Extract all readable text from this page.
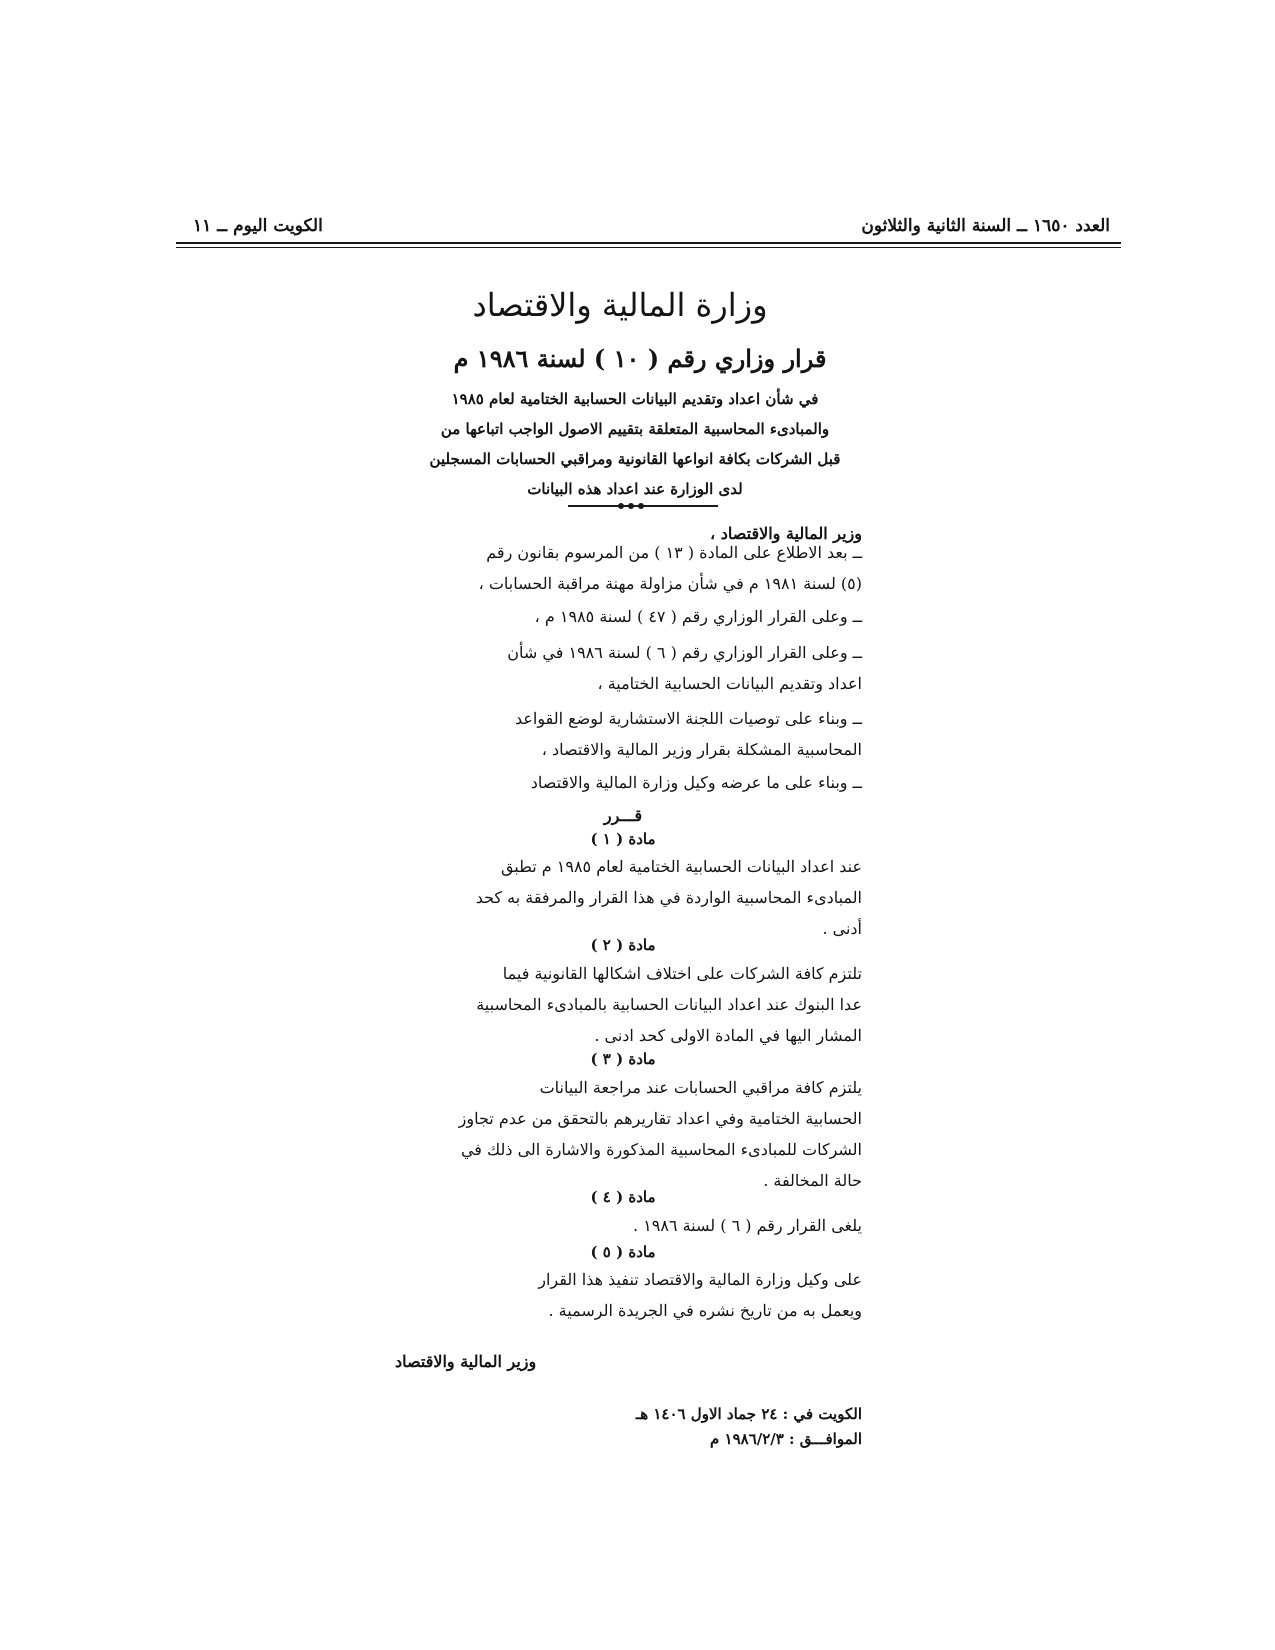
العدد ١٦٥٠ ــ السنة الثانية والثلاثون
الكويت اليوم ــ ١١
وزارة المالية والاقتصاد
قرار وزاري رقم ( ١٠ ) لسنة ١٩٨٦ م
في شأن اعداد وتقديم البيانات الحسابية الختامية لعام ١٩٨٥
والمبادىء المحاسبية المتعلقة بتقييم الاصول الواجب اتباعها من
قبل الشركات بكافة انواعها القانونية ومراقبي الحسابات المسجلين
لدى الوزارة عند اعداد هذه البيانات
وزير المالية والاقتصاد ،
ــ بعد الاطلاع على المادة ( ١٣ ) من المرسوم بقانون رقم
(٥) لسنة ١٩٨١ م في شأن مزاولة مهنة مراقبة الحسابات ،
ــ وعلى القرار الوزاري رقم ( ٤٧ ) لسنة ١٩٨٥ م ،
ــ وعلى القرار الوزاري رقم ( ٦ ) لسنة ١٩٨٦ في شأن
اعداد وتقديم البيانات الحسابية الختامية ،
ــ وبناء على توصيات اللجنة الاستشارية لوضع القواعد
المحاسبية المشكلة بقرار وزير المالية والاقتصاد ،
ــ وبناء على ما عرضه وكيل وزارة المالية والاقتصاد
قـــرر
مادة ( ١ )
عند اعداد البيانات الحسابية الختامية لعام ١٩٨٥ م تطبق
المبادىء المحاسبية الواردة في هذا القرار والمرفقة به كحد
أدنى .
مادة ( ٢ )
تلتزم كافة الشركات على اختلاف اشكالها القانونية فيما
عدا البنوك عند اعداد البيانات الحسابية بالمبادىء المحاسبية
المشار اليها في المادة الاولى كحد ادنى .
مادة ( ٣ )
يلتزم كافة مراقبي الحسابات عند مراجعة البيانات
الحسابية الختامية وفي اعداد تقاريرهم بالتحقق من عدم تجاوز
الشركات للمبادىء المحاسبية المذكورة والاشارة الى ذلك في
حالة المخالفة .
مادة ( ٤ )
يلغى القرار رقم ( ٦ ) لسنة ١٩٨٦ .
مادة ( ٥ )
على وكيل وزارة المالية والاقتصاد تنفيذ هذا القرار
ويعمل به من تاريخ نشره في الجريدة الرسمية .
وزير المالية والاقتصاد
الكويت في : ٢٤ جماد الاول ١٤٠٦ هـ
الموافـــق : ١٩٨٦/٢/٣ م
